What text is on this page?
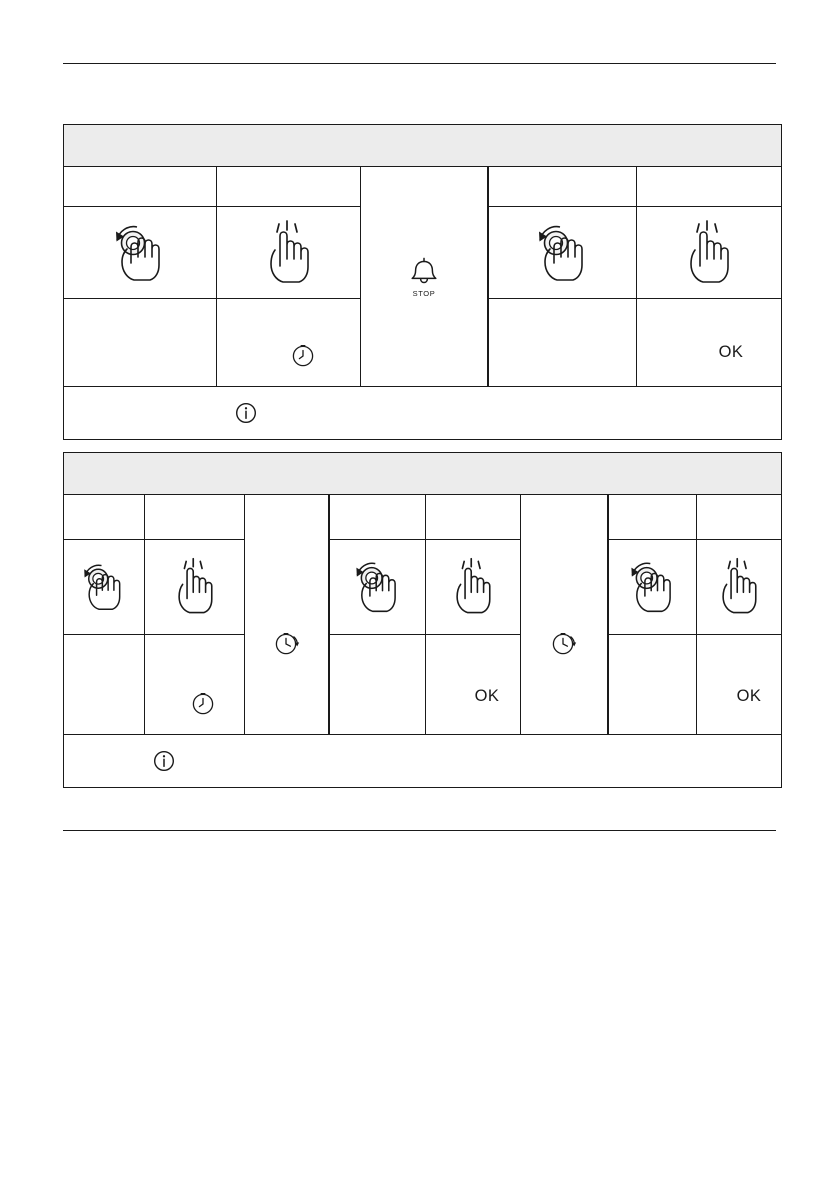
STOP
OK
OK	OK
